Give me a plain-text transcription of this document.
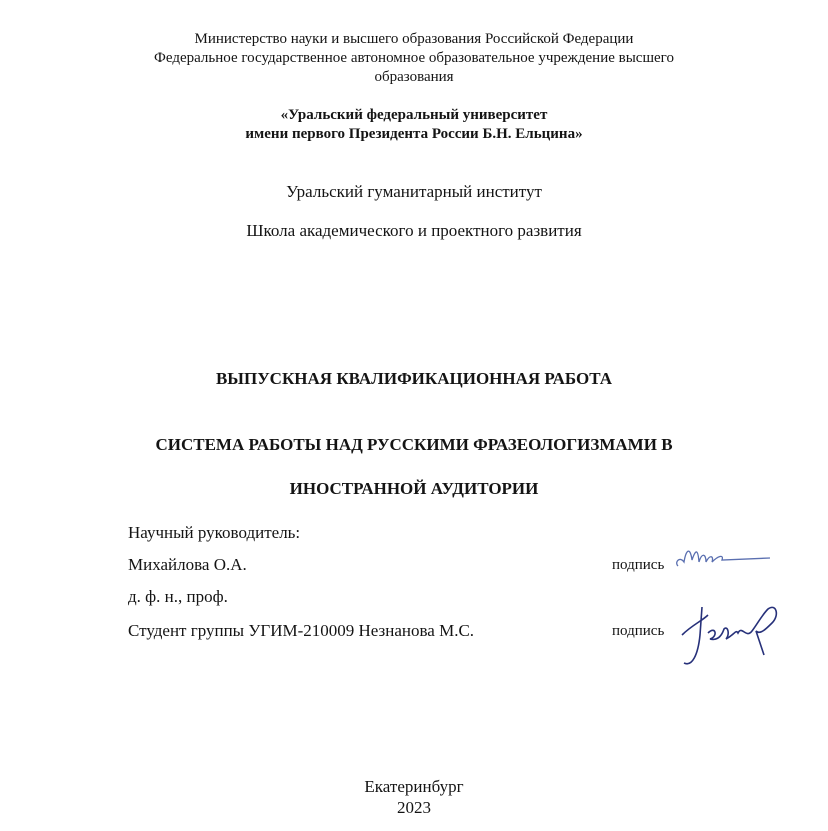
Министерство науки и высшего образования Российской Федерации
Федеральное государственное автономное образовательное учреждение высшего
образования
«Уральский федеральный университет
имени первого Президента России Б.Н. Ельцина»
Уральский гуманитарный институт
Школа академического и проектного развития
ВЫПУСКНАЯ КВАЛИФИКАЦИОННАЯ РАБОТА
СИСТЕМА РАБОТЫ НАД РУССКИМИ ФРАЗЕОЛОГИЗМАМИ В
ИНОСТРАННОЙ АУДИТОРИИ
Научный руководитель:
Михайлова О.А.
д. ф. н., проф.
Студент группы УГИМ-210009 Незнанова М.С.
подпись
подпись
Екатеринбург
2023
